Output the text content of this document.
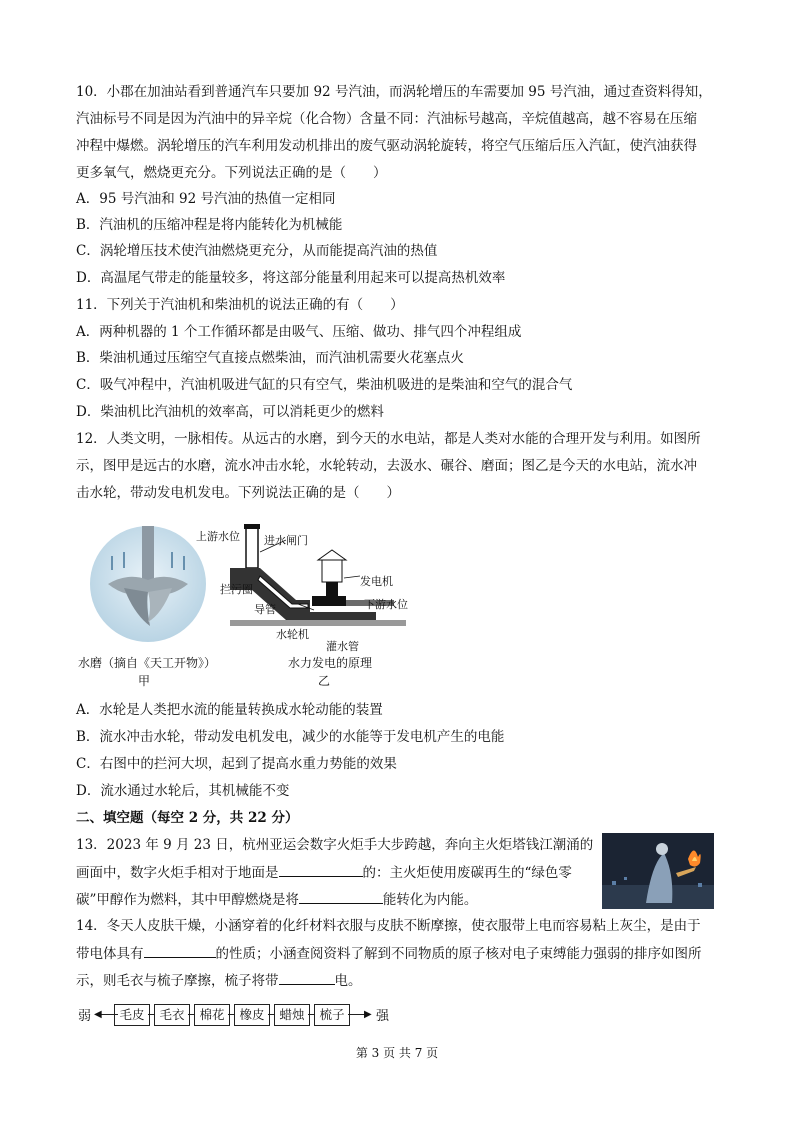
10．小郡在加油站看到普通汽车只要加 92 号汽油，而涡轮增压的车需要加 95 号汽油，通过查资料得知，
汽油标号不同是因为汽油中的异辛烷（化合物）含量不同：汽油标号越高，辛烷值越高，越不容易在压缩
冲程中爆燃。涡轮增压的汽车利用发动机排出的废气驱动涡轮旋转，将空气压缩后压入汽缸，使汽油获得
更多氧气，燃烧更充分。下列说法正确的是（　　）
A．95 号汽油和 92 号汽油的热值一定相同
B．汽油机的压缩冲程是将内能转化为机械能
C．涡轮增压技术使汽油燃烧更充分，从而能提高汽油的热值
D．高温尾气带走的能量较多，将这部分能量利用起来可以提高热机效率
11．下列关于汽油机和柴油机的说法正确的有（　　）
A．两种机器的 1 个工作循环都是由吸气、压缩、做功、排气四个冲程组成
B．柴油机通过压缩空气直接点燃柴油，而汽油机需要火花塞点火
C．吸气冲程中，汽油机吸进气缸的只有空气，柴油机吸进的是柴油和空气的混合气
D．柴油机比汽油机的效率高，可以消耗更少的燃料
12．人类文明，一脉相传。从远古的水磨，到今天的水电站，都是人类对水能的合理开发与利用。如图所
示，图甲是远古的水磨，流水冲击水轮，水轮转动，去汲水、碾谷、磨面；图乙是今天的水电站，流水冲
击水轮，带动发电机发电。下列说法正确的是（　　）
水磨（摘自《天工开物》）
甲
上游水位 进水闸门
发电机
拦污圈
下游水位
导管
水轮机
灌水管
水力发电的原理
乙
A．水轮是人类把水流的能量转换成水轮动能的装置
B．流水冲击水轮，带动发电机发电，减少的水能等于发电机产生的电能
C．右图中的拦河大坝，起到了提高水重力势能的效果
D．流水通过水轮后，其机械能不变
二、填空题（每空 2 分，共 22 分）
13．2023 年 9 月 23 日，杭州亚运会数字火炬手大步跨越，奔向主火炬塔钱江潮涌的
画面中，数字火炬手相对于地面是	的：主火炬使用废碳再生的“绿色零
碳”甲醇作为燃料，其中甲醇燃烧是将	能转化为内能。
14．冬天人皮肤干燥，小涵穿着的化纤材料衣服与皮肤不断摩擦，使衣服带上电而容易粘上灰尘，是由于
带电体具有	的性质；小涵查阅资料了解到不同物质的原子核对电子束缚能力强弱的排序如图所
示，则毛衣与梳子摩擦，梳子将带	电。
弱 ◀	毛皮	毛衣	棉花	橡皮	蜡烛	梳子	▶ 强
第 3 页 共 7 页
